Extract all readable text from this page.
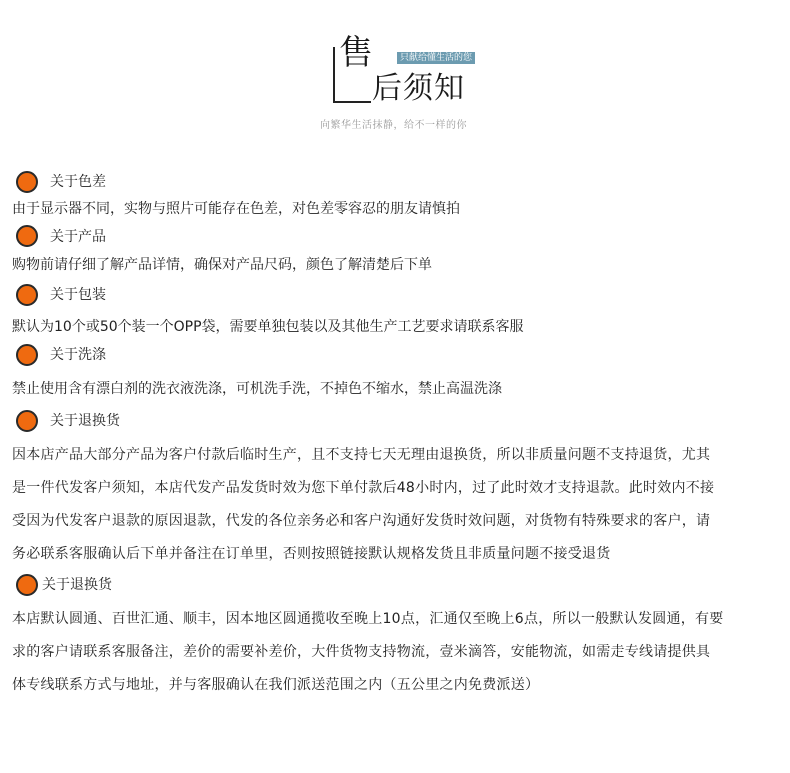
售	只献给懂生活的您
后须知
向繁华生活抹静，给不一样的你
关于色差
由于显示器不同，实物与照片可能存在色差，对色差零容忍的朋友请慎拍
关于产品
购物前请仔细了解产品详情，确保对产品尺码，颜色了解清楚后下单
关于包装
默认为10个或50个装一个OPP袋，需要单独包装以及其他生产工艺要求请联系客服
关于洗涤
禁止使用含有漂白剂的洗衣液洗涤，可机洗手洗，不掉色不缩水，禁止高温洗涤
关于退换货
因本店产品大部分产品为客户付款后临时生产，且不支持七天无理由退换货，所以非质量问题不支持退货，尤其
是一件代发客户须知，本店代发产品发货时效为您下单付款后48小时内，过了此时效才支持退款。此时效内不接
受因为代发客户退款的原因退款，代发的各位亲务必和客户沟通好发货时效问题，对货物有特殊要求的客户，请
务必联系客服确认后下单并备注在订单里，否则按照链接默认规格发货且非质量问题不接受退货
关于退换货
本店默认圆通、百世汇通、顺丰，因本地区圆通揽收至晚上10点，汇通仅至晚上6点，所以一般默认发圆通，有要
求的客户请联系客服备注，差价的需要补差价，大件货物支持物流，壹米滴答，安能物流，如需走专线请提供具
体专线联系方式与地址，并与客服确认在我们派送范围之内（五公里之内免费派送）
